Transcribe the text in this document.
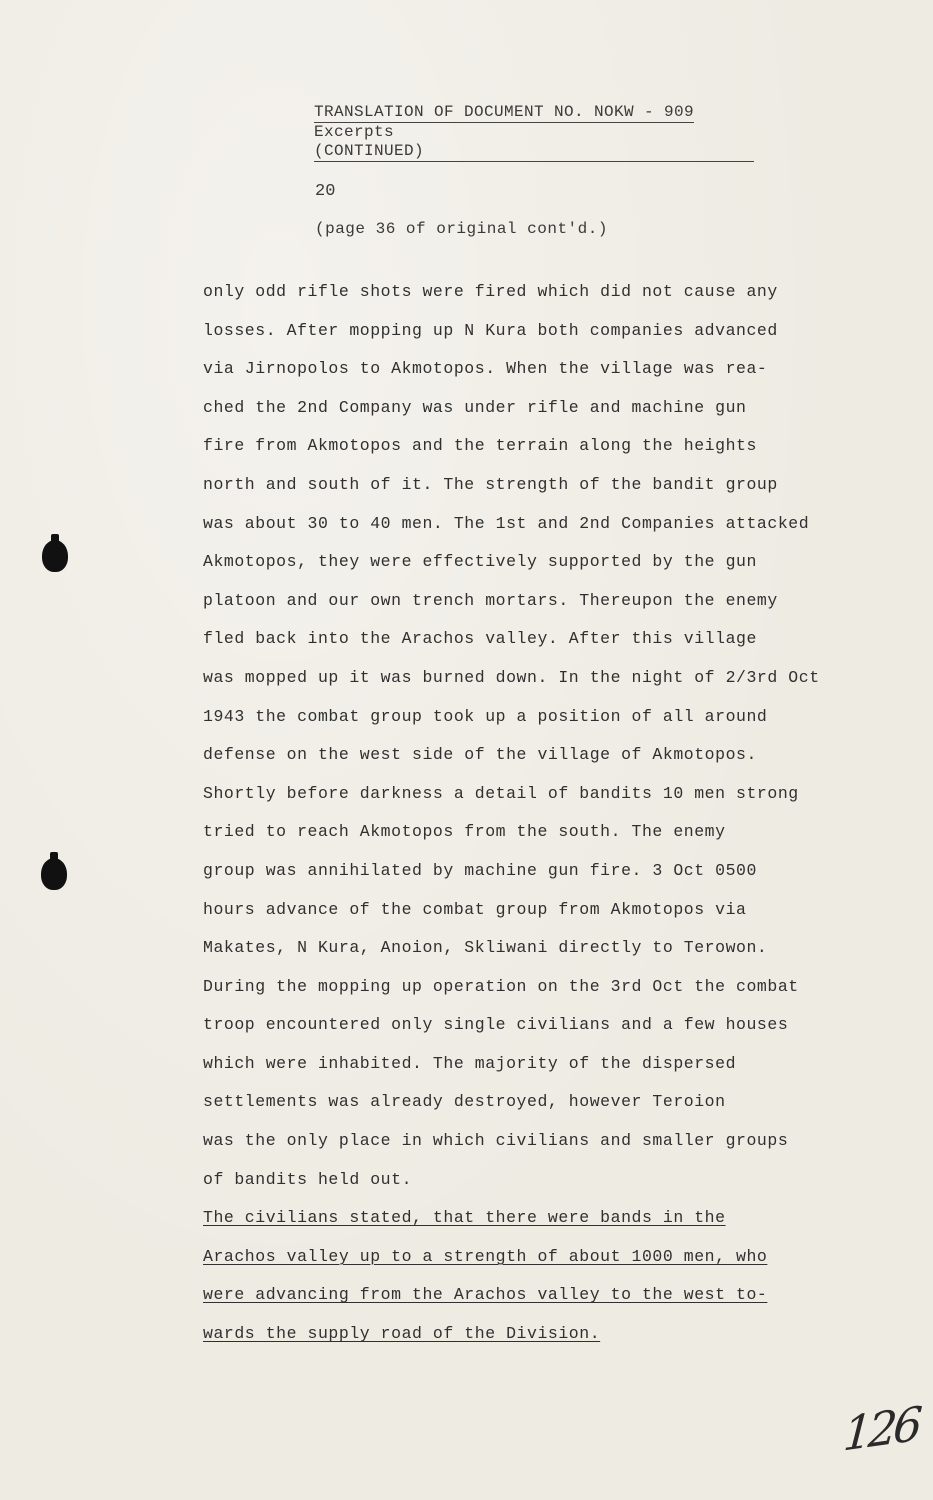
TRANSLATION OF DOCUMENT NO. NOKW - 909
Excerpts
(CONTINUED)
20
(page 36 of original cont'd.)
only odd rifle shots were fired which did not cause any
losses. After mopping up N Kura both companies advanced
via Jirnopolos to Akmotopos. When the village was rea-
ched the 2nd Company was under rifle and machine gun
fire from Akmotopos and the terrain along the heights
north and south of it. The strength of the bandit group
was about 30 to 40 men. The 1st and 2nd Companies attacked
Akmotopos, they were effectively supported by the gun
platoon and our own trench mortars. Thereupon the enemy
fled back into the Arachos valley. After this village
was mopped up it was burned down. In the night of 2/3rd Oct
1943 the combat group took up a position of all around
defense on the west side of the village of Akmotopos.
Shortly before darkness a detail of bandits 10 men strong
tried to reach Akmotopos from the south. The enemy
group was annihilated by machine gun fire. 3 Oct 0500
hours advance of the combat group from Akmotopos via
Makates, N Kura, Anoion, Skliwani directly to Terowon.
During the mopping up operation on the 3rd Oct the combat
troop encountered only single civilians and a few houses
which were inhabited. The majority of the dispersed
settlements was already destroyed, however Teroion
was the only place in which civilians and smaller groups
of bandits held out.
The civilians stated, that there were bands in the
Arachos valley up to a strength of about 1000 men, who
were advancing from the Arachos valley to the west to-
wards the supply road of the Division.
126
